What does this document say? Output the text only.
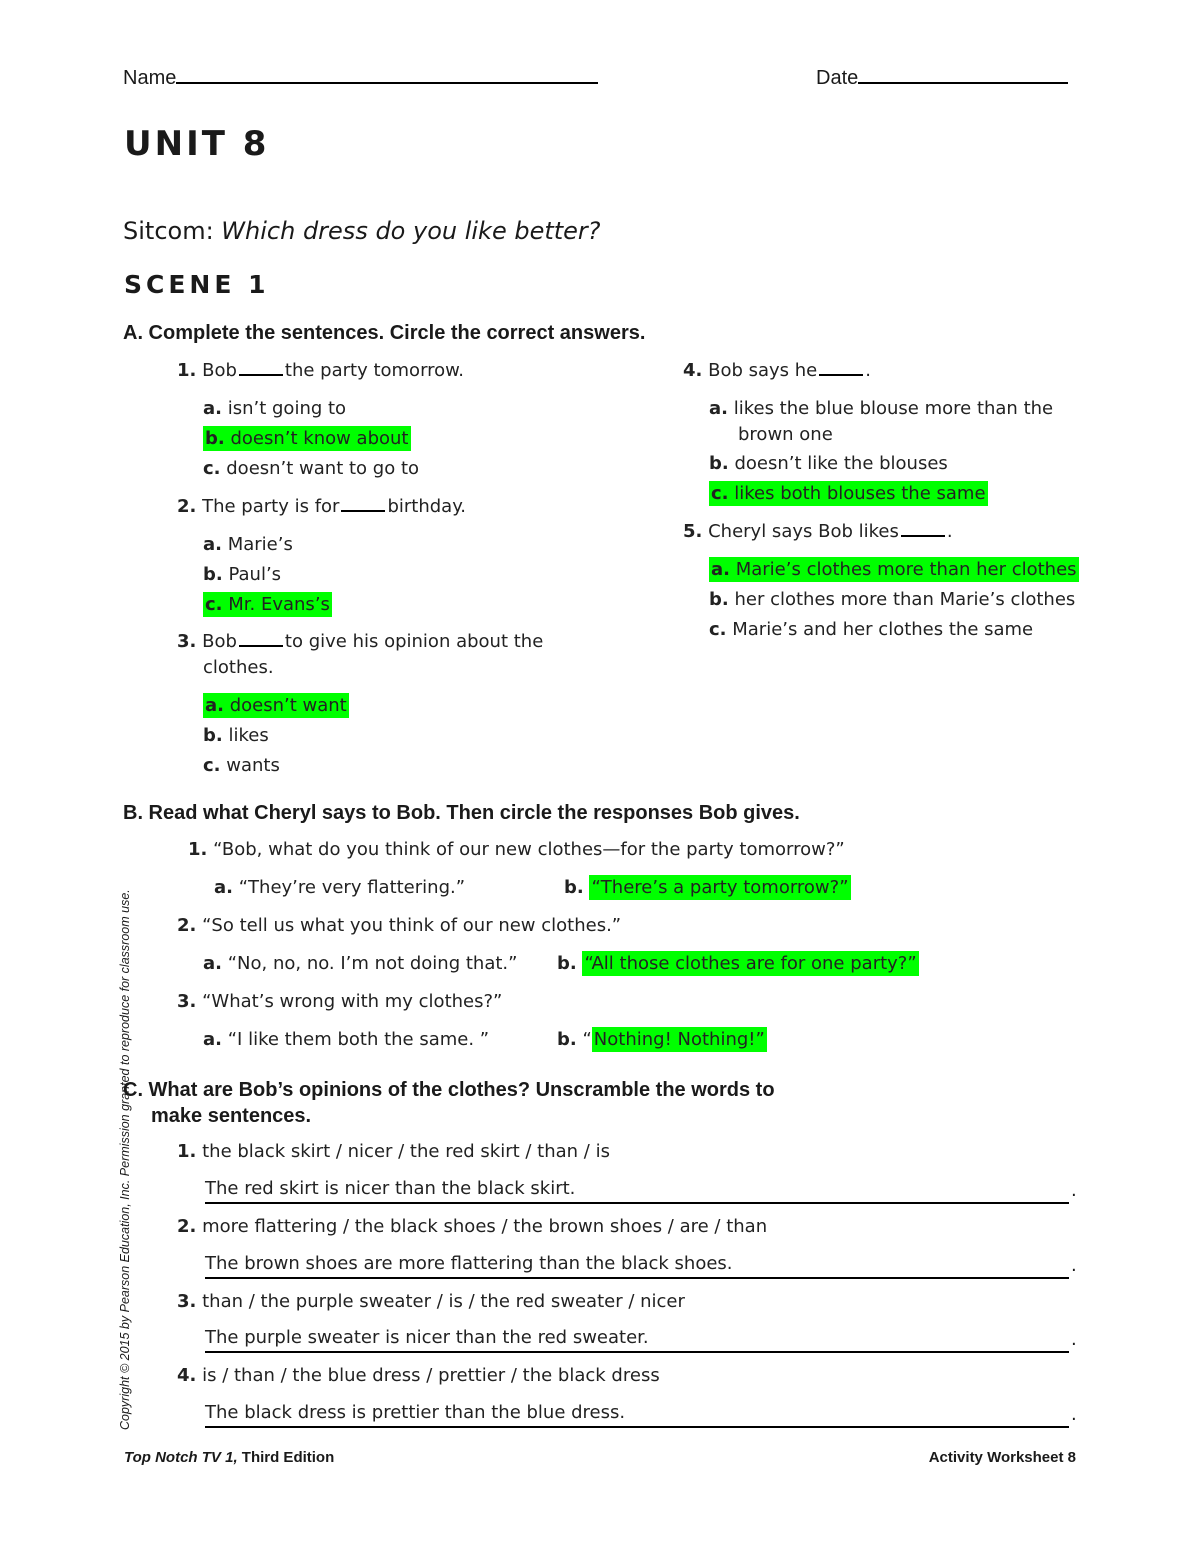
Name	Date
UNIT 8
Sitcom: Which dress do you like better?
SCENE 1
A. Complete the sentences. Circle the correct answers.
1. Bob	the party tomorrow.
a. isn’t going to
b. doesn’t know about
c. doesn’t want to go to
2. The party is for	birthday.
a. Marie’s
b. Paul’s
c. Mr. Evans’s
3. Bob	to give his opinion about the
clothes.
a. doesn’t want
b. likes
c. wants
4. Bob says he	.
a. likes the blue blouse more than the
brown one
b. doesn’t like the blouses
c. likes both blouses the same
5. Cheryl says Bob likes	.
a. Marie’s clothes more than her clothes
b. her clothes more than Marie’s clothes
c. Marie’s and her clothes the same
B. Read what Cheryl says to Bob. Then circle the responses Bob gives.
1. “Bob, what do you think of our new clothes—for the party tomorrow?”
a. “They’re very flattering.”	b. “There’s a party tomorrow?”
2. “So tell us what you think of our new clothes.”
a. “No, no, no. I’m not doing that.” b. “All those clothes are for one party?”
3. “What’s wrong with my clothes?”
a. “I like them both the same. ”	b. “ Nothing! Nothing!”
C. What are Bob’s opinions of the clothes? Unscramble the words to
make sentences.
1. the black skirt / nicer / the red skirt / than / is
The red skirt is nicer than the black skirt.	.
2. more flattering / the black shoes / the brown shoes / are / than
The brown shoes are more flattering than the black shoes.	.
3. than / the purple sweater / is / the red sweater / nicer
The purple sweater is nicer than the red sweater.	.
4. is / than / the blue dress / prettier / the black dress
The black dress is prettier than the blue dress.	.
Copyright © 2015 by Pearson Education, Inc. Permission granted to reproduce for classroom use.
Top Notch TV 1, Third Edition	Activity Worksheet 8
